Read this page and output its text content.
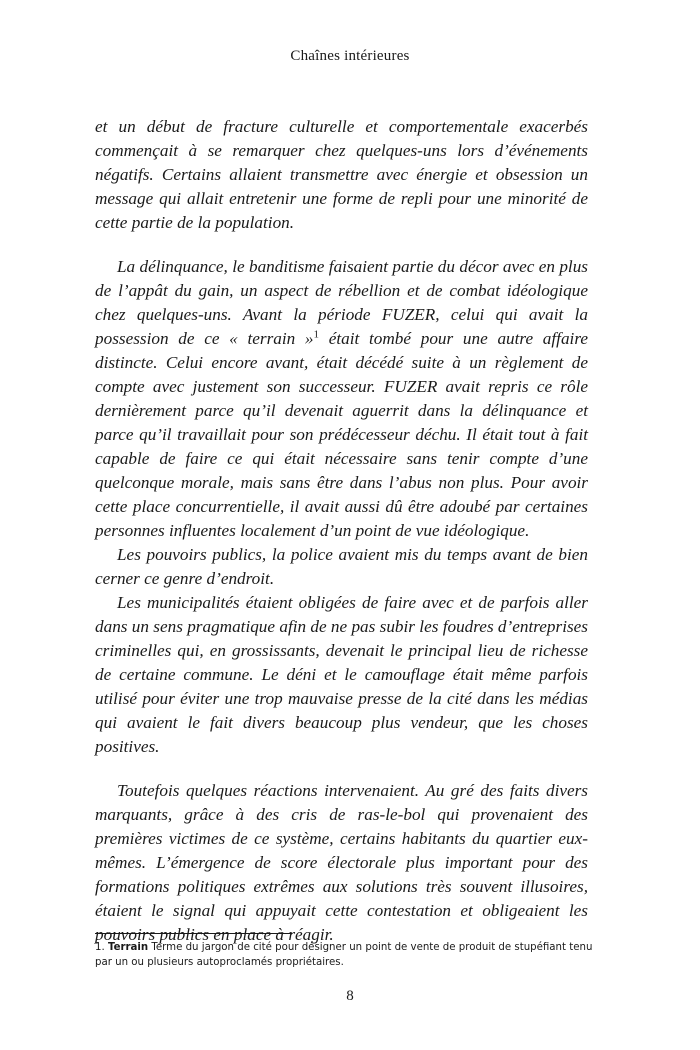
Chaînes intérieures

et un début de fracture culturelle et comportementale exacerbés commençait à se remarquer chez quelques-uns lors d’événements négatifs. Certains allaient transmettre avec énergie et obsession un message qui allait entretenir une forme de repli pour une minorité de cette partie de la population.

La délinquance, le banditisme faisaient partie du décor avec en plus de l’appât du gain, un aspect de rébellion et de combat idéologique chez quelques-uns. Avant la période FUZER, celui qui avait la possession de ce « terrain »$^1$ était tombé pour une autre affaire distincte. Celui encore avant, était décédé suite à un règlement de compte avec justement son successeur. FUZER avait repris ce rôle dernièrement parce qu’il devenait aguerrit dans la délinquance et parce qu’il travaillait pour son prédécesseur déchu. Il était tout à fait capable de faire ce qui était nécessaire sans tenir compte d’une quelconque morale, mais sans être dans l’abus non plus. Pour avoir cette place concurrentielle, il avait aussi dû être adoubé par certaines personnes influentes localement d’un point de vue idéologique.

Les pouvoirs publics, la police avaient mis du temps avant de bien cerner ce genre d’endroit.

Les municipalités étaient obligées de faire avec et de parfois aller dans un sens pragmatique afin de ne pas subir les foudres d’entreprises criminelles qui, en grossissants, devenait le principal lieu de richesse de certaine commune. Le déni et le camouflage était même parfois utilisé pour éviter une trop mauvaise presse de la cité dans les médias qui avaient le fait divers beaucoup plus vendeur, que les choses positives.

Toutefois quelques réactions intervenaient. Au gré des faits divers marquants, grâce à des cris de ras-le-bol qui provenaient des premières victimes de ce système, certains habitants du quartier eux-mêmes. L’émergence de score électorale plus important pour des formations politiques extrêmes aux solutions très souvent illusoires, étaient le signal qui appuyait cette contestation et obligeaient les pouvoirs publics en place à réagir.

1. Terrain Terme du jargon de cité pour désigner un point de vente de produit de stupéfiant tenu par un ou plusieurs autoproclamés propriétaires.
8
